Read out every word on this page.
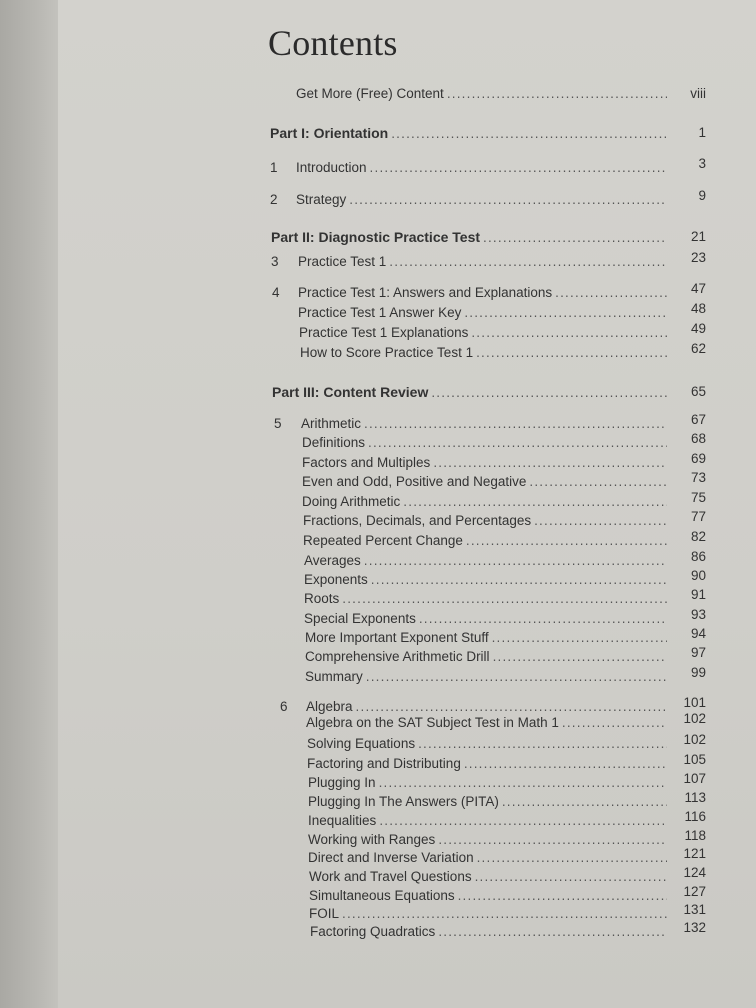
Contents
Get More (Free) Content .....	viii
Part I: Orientation .....	1
1 Introduction .....	3
2 Strategy .....	9
Part II: Diagnostic Practice Test .....	21
3 Practice Test 1 .....	23
4 Practice Test 1: Answers and Explanations .....	47
Practice Test 1 Answer Key .....	48
Practice Test 1 Explanations .....	49
How to Score Practice Test 1 .....	62
Part III: Content Review .....	65
5 Arithmetic .....	67
Definitions .....	68
Factors and Multiples .....	69
Even and Odd, Positive and Negative .....	73
Doing Arithmetic .....	75
Fractions, Decimals, and Percentages .....	77
Repeated Percent Change .....	82
Averages .....	86
Exponents .....	90
Roots .....	91
Special Exponents .....	93
More Important Exponent Stuff .....	94
Comprehensive Arithmetic Drill .....	97
Summary .....	99
6 Algebra .....	101
Algebra on the SAT Subject Test in Math 1 .....	102
Solving Equations .....	102
Factoring and Distributing .....	105
Plugging In .....	107
Plugging In The Answers (PITA) .....	113
Inequalities .....	116
Working with Ranges .....	118
Direct and Inverse Variation .....	121
Work and Travel Questions .....	124
Simultaneous Equations .....	127
FOIL .....	131
Factoring Quadratics .....	132
